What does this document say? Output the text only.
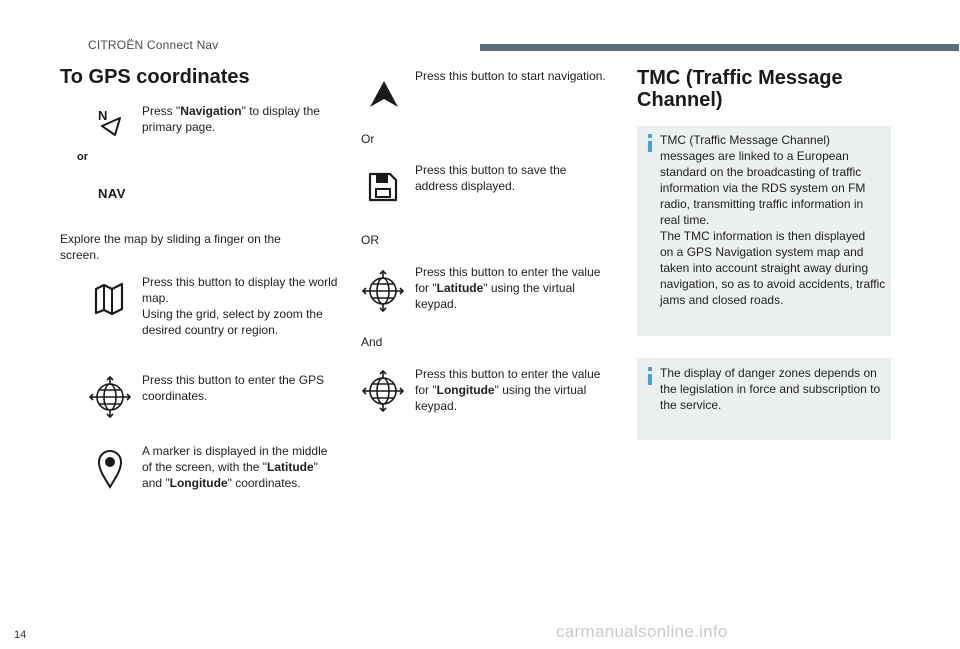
CITROËN Connect Nav
To GPS coordinates
N	Press "Navigation" to display the
primary page.
or
NAV
Explore the map by sliding a finger on the
screen.
Press this button to display the world
map.
Using the grid, select by zoom the
desired country or region.
Press this button to enter the GPS
coordinates.
A marker is displayed in the middle
of the screen, with the "Latitude"
and "Longitude" coordinates.
Press this button to start navigation.
Or
Press this button to save the
address displayed.
OR
Press this button to enter the value
for "Latitude" using the virtual
keypad.
And
Press this button to enter the value
for "Longitude" using the virtual
keypad.
TMC (Traffic Message
Channel)
TMC (Traffic Message Channel)
messages are linked to a European
standard on the broadcasting of traffic
information via the RDS system on FM
radio, transmitting traffic information in
real time.
The TMC information is then displayed
on a GPS Navigation system map and
taken into account straight away during
navigation, so as to avoid accidents, traffic
jams and closed roads.
The display of danger zones depends on
the legislation in force and subscription to
the service.
14	carmanualsonline.info
